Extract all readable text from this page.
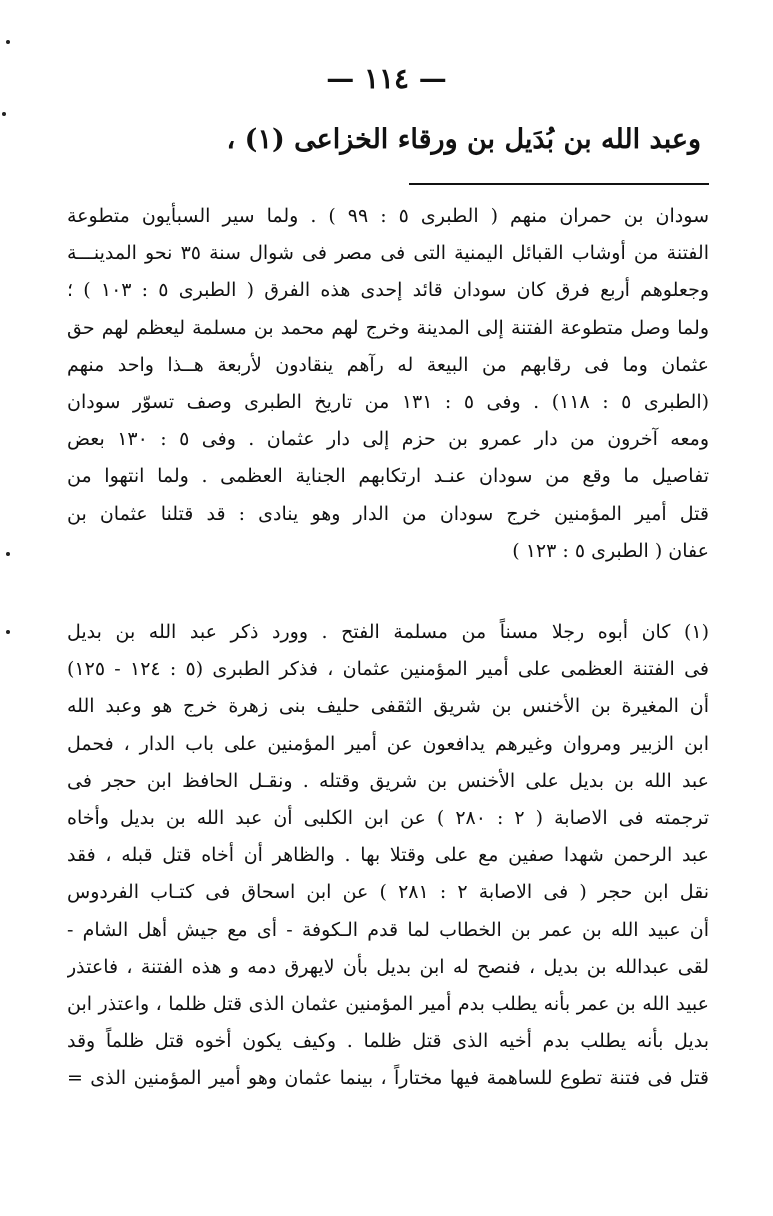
— ١١٤ —
وعبد الله بن بُدَيل بن ورقاء الخزاعى (١) ،
سودان بن حمران منهم ( الطبرى ٥ : ٩٩ ) . ولما سير السبأيون متطوعة
الفتنة من أوشاب القبائل اليمنية التى فى مصر فى شوال سنة ٣٥ نحو المدينـــة
وجعلوهم أربع فرق كان سودان قائد إحدى هذه الفرق ( الطبرى ٥ : ١٠٣ ) ؛
ولما وصل متطوعة الفتنة إلى المدينة وخرج لهم محمد بن مسلمة ليعظم لهم حق
عثمان وما فى رقابهم من البيعة له رآهم ينقادون لأربعة هــذا واحد منهم
(الطبرى ٥ : ١١٨) . وفى ٥ : ١٣١ من تاريخ الطبرى وصف تسوّر سودان
ومعه آخرون من دار عمرو بن حزم إلى دار عثمان . وفى ٥ : ١٣٠ بعض
تفاصيل ما وقع من سودان عنـد ارتكابهم الجناية العظمى . ولما انتهوا من
قتل أمير المؤمنين خرج سودان من الدار وهو ينادى : قد قتلنا عثمان بن
عفان ( الطبرى ٥ : ١٢٣ )
(١) كان أبوه رجلا مسناً من مسلمة الفتح . وورد ذكر عبد الله بن بديل
فى الفتنة العظمى على أمير المؤمنين عثمان ، فذكر الطبرى (٥ : ١٢٤ - ١٢٥)
أن المغيرة بن الأخنس بن شريق الثقفى حليف بنى زهرة خرج هو وعبد الله
ابن الزبير ومروان وغيرهم يدافعون عن أمير المؤمنين على باب الدار ، فحمل
عبد الله بن بديل على الأخنس بن شريق وقتله . ونقـل الحافظ ابن حجر فى
ترجمته فى الاصابة ( ٢ : ٢٨٠ ) عن ابن الكلبى أن عبد الله بن بديل وأخاه
عبد الرحمن شهدا صفين مع على وقتلا بها . والظاهر أن أخاه قتل قبله ، فقد
نقل ابن حجر ( فى الاصابة ٢ : ٢٨١ ) عن ابن اسحاق فى كتـاب الفردوس
أن عبيد الله بن عمر بن الخطاب لما قدم الـكوفة - أى مع جيش أهل الشام -
لقى عبدالله بن بديل ، فنصح له ابن بديل بأن لايهرق دمه و هذه الفتنة ، فاعتذر
عبيد الله بن عمر بأنه يطلب بدم أمير المؤمنين عثمان الذى قتل ظلما ، واعتذر ابن
بديل بأنه يطلب بدم أخيه الذى قتل ظلما . وكيف يكون أخوه قتل ظلماً وقد
قتل فى فتنة تطوع للساهمة فيها مختاراً ، بينما عثمان وهو أمير المؤمنين الذى =
